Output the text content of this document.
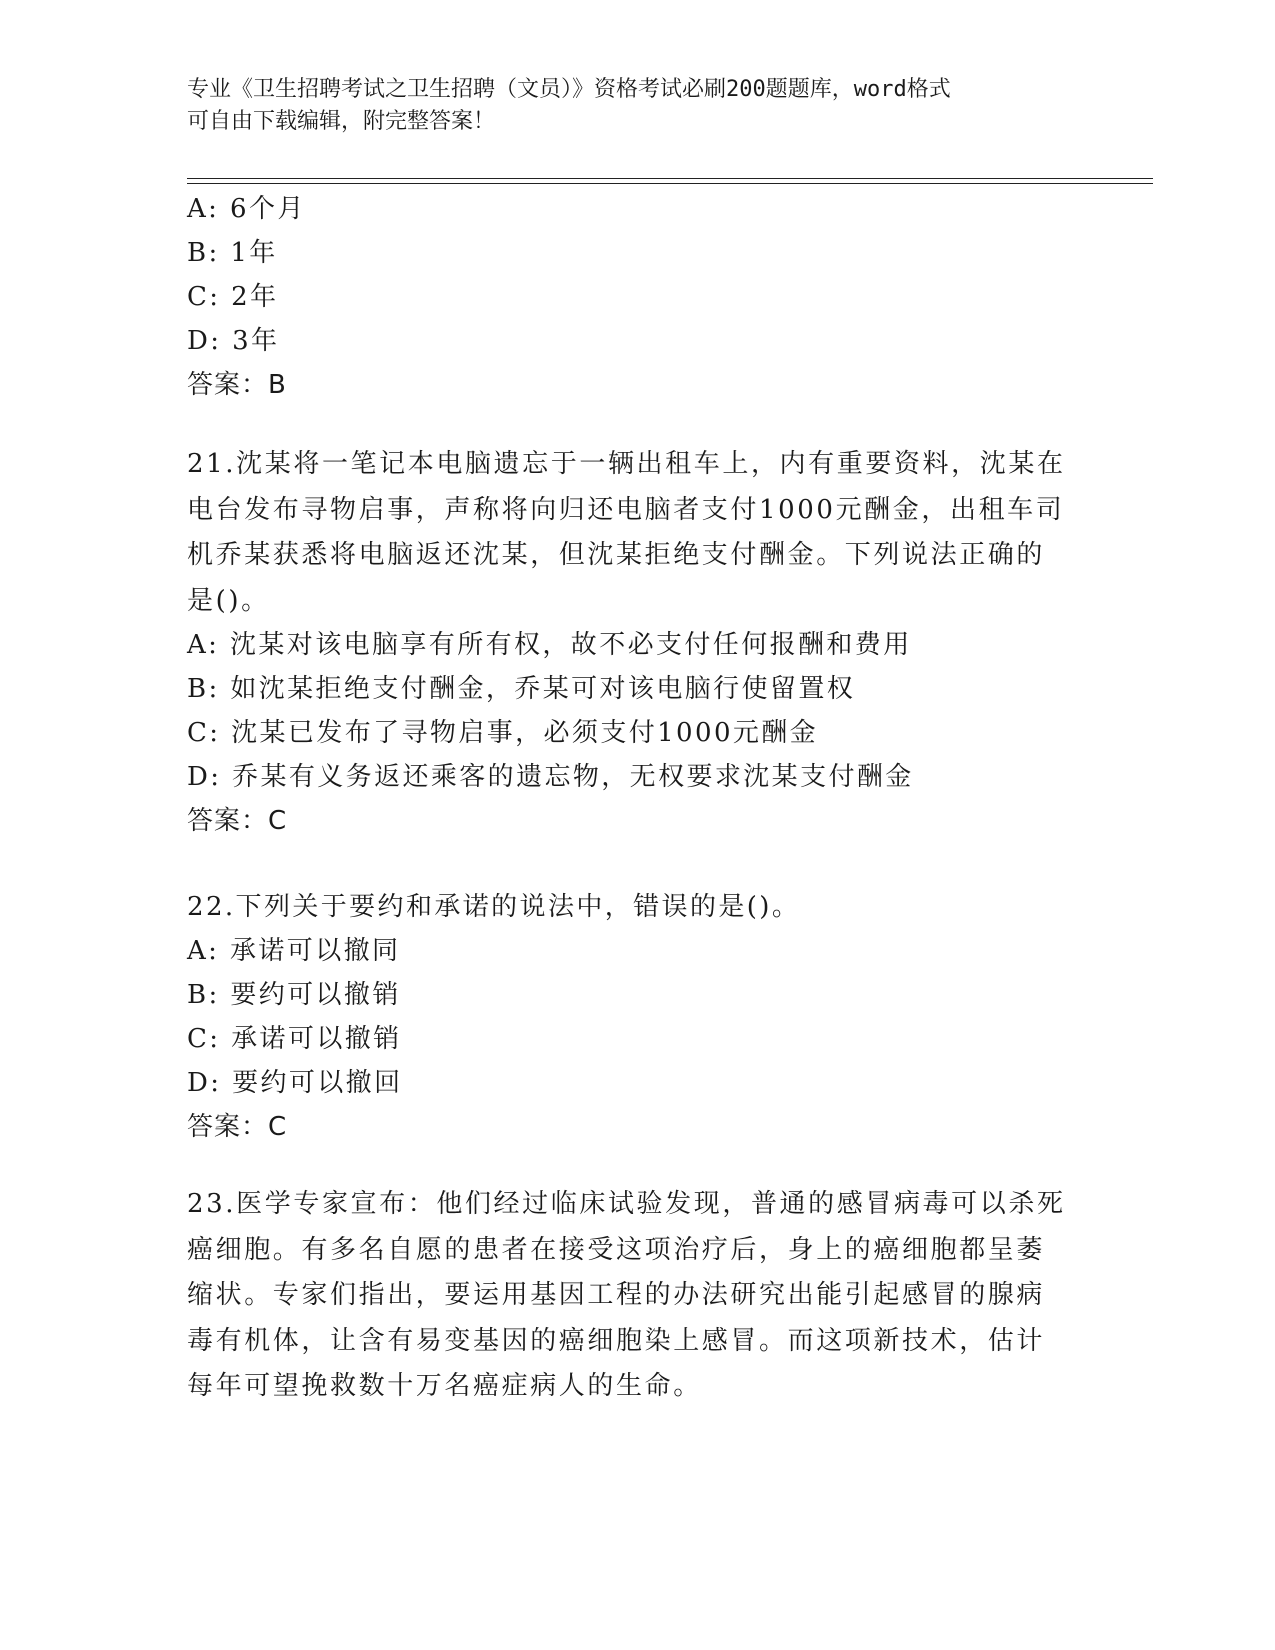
专业《卫生招聘考试之卫生招聘（文员）》资格考试必刷200题题库，word格式
可自由下载编辑，附完整答案！
A: 6个月
B: 1年
C: 2年
D: 3年
答案：B
21.沈某将一笔记本电脑遗忘于一辆出租车上，内有重要资料，沈某在
电台发布寻物启事，声称将向归还电脑者支付1000元酬金，出租车司
机乔某获悉将电脑返还沈某，但沈某拒绝支付酬金。下列说法正确的
是()。
A: 沈某对该电脑享有所有权，故不必支付任何报酬和费用
B: 如沈某拒绝支付酬金，乔某可对该电脑行使留置权
C: 沈某已发布了寻物启事，必须支付1000元酬金
D: 乔某有义务返还乘客的遗忘物，无权要求沈某支付酬金
答案：C
22.下列关于要约和承诺的说法中，错误的是()。
A: 承诺可以撤同
B: 要约可以撤销
C: 承诺可以撤销
D: 要约可以撤回
答案：C
23.医学专家宣布：他们经过临床试验发现，普通的感冒病毒可以杀死
癌细胞。有多名自愿的患者在接受这项治疗后，身上的癌细胞都呈萎
缩状。专家们指出，要运用基因工程的办法研究出能引起感冒的腺病
毒有机体，让含有易变基因的癌细胞染上感冒。而这项新技术，估计
每年可望挽救数十万名癌症病人的生命。
